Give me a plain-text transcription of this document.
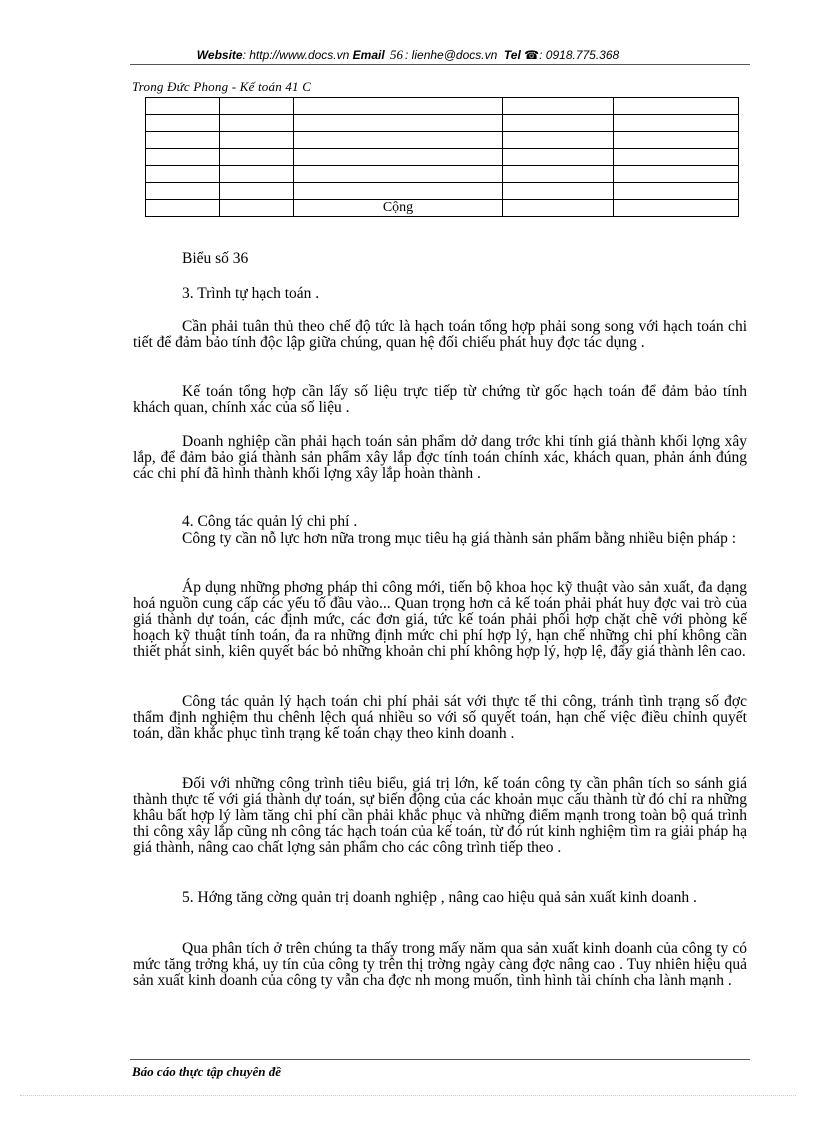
Website: http://www.docs.vn Email 56 : lienhe@docs.vn Tel ☎: 0918.775.368
Trong Đức Phong - Kế toán 41 C

		Cộng		

Biểu số 36

3. Trình tự hạch toán .

Cần phải tuân thủ theo chế độ tức là hạch toán tổng hợp phải song song với hạch toán chi tiết để đảm bảo tính độc lập giữa chúng, quan hệ đối chiếu phát huy đợc tác dụng .

Kế toán tổng hợp cần lấy số liệu trực tiếp từ chứng từ gốc hạch toán để đảm bảo tính khách quan, chính xác của số liệu .

Doanh nghiệp cần phải hạch toán sản phẩm dở dang trớc khi tính giá thành khối lợng xây lắp, để đảm bảo giá thành sản phẩm xây lắp đợc tính toán chính xác, khách quan, phản ánh đúng các chi phí đã hình thành khối lợng xây lắp hoàn thành .

4. Công tác quản lý chi phí .

Công ty cần nỗ lực hơn nữa trong mục tiêu hạ giá thành sản phẩm bằng nhiều biện pháp :

Áp dụng những phơng pháp thi công mới, tiến bộ khoa học kỹ thuật vào sản xuất, đa dạng hoá nguồn cung cấp các yếu tố đầu vào... Quan trọng hơn cả kế toán phải phát huy đợc vai trò của giá thành dự toán, các định mức, các đơn giá, tức kế toán phải phối hợp chặt chẽ với phòng kế hoạch kỹ thuật tính toán, đa ra những định mức chi phí hợp lý, hạn chế những chi phí không cần thiết phát sinh, kiên quyết bác bỏ những khoản chi phí không hợp lý, hợp lệ, đẩy giá thành lên cao.

Công tác quản lý hạch toán chi phí phải sát với thực tế thi công, tránh tình trạng số đợc thẩm định nghiệm thu chênh lệch quá nhiều so với số quyết toán, hạn chế việc điều chỉnh quyết toán, dần khắc phục tình trạng kế toán chạy theo kinh doanh .

Đối với những công trình tiêu biểu, giá trị lớn, kế toán công ty cần phân tích so sánh giá thành thực tế với giá thành dự toán, sự biến động của các khoản mục cấu thành từ đó chỉ ra những khâu bất hợp lý làm tăng chi phí cần phải khắc phục và những điểm mạnh trong toàn bộ quá trình thi công xây lắp cũng nh công tác hạch toán của kế toán, từ đó rút kinh nghiệm tìm ra giải pháp hạ giá thành, nâng cao chất lợng sản phẩm cho các công trình tiếp theo .

5. Hớng tăng cờng quản trị doanh nghiệp , nâng cao hiệu quả sản xuất kinh doanh .

Qua phân tích ở trên chúng ta thấy trong mấy năm qua sản xuất kinh doanh của công ty có mức tăng trởng khá, uy tín của công ty trên thị trờng ngày càng đợc nâng cao . Tuy nhiên hiệu quả sản xuất kinh doanh của công ty vẫn cha đợc nh mong muốn, tình hình tài chính cha lành mạnh .

Báo cáo thực tập chuyên đề
